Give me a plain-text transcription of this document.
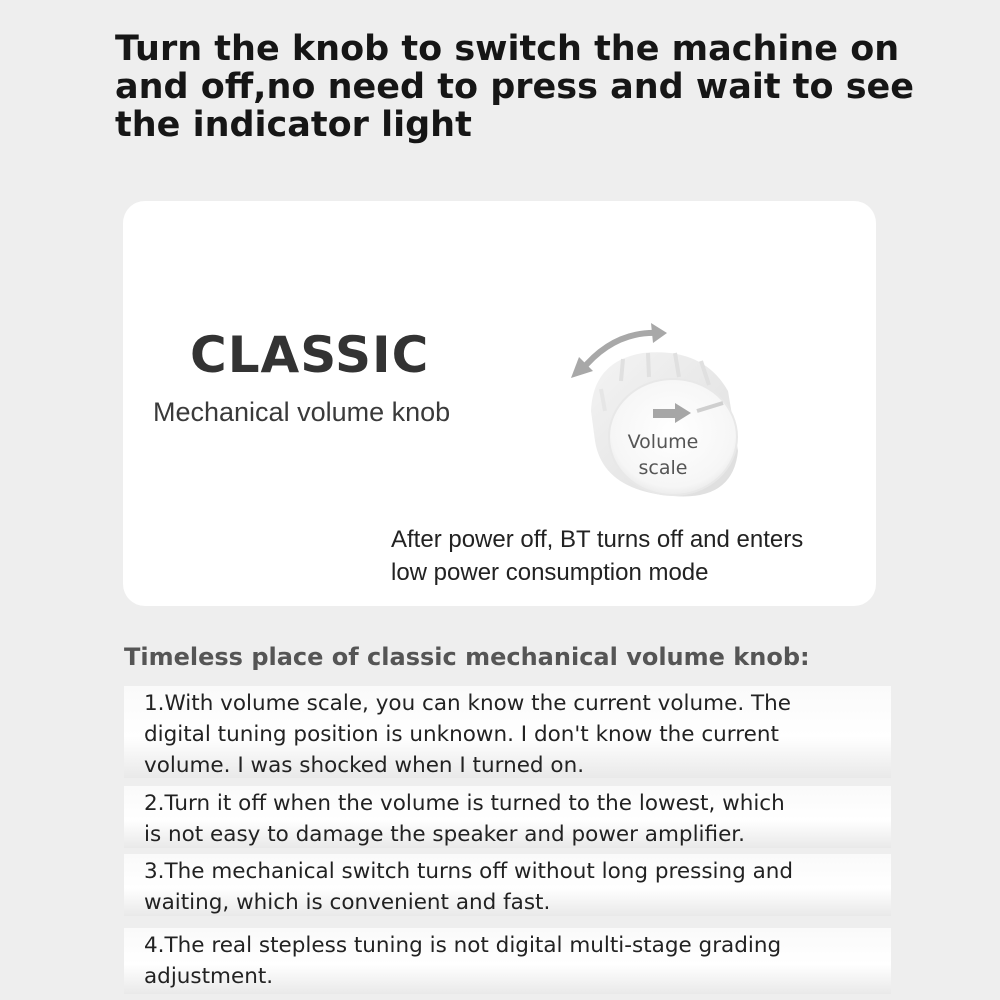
Turn the knob to switch the machine on
and off,no need to press and wait to see
the indicator light
CLASSIC
Mechanical volume knob
Volume
scale
After power off, BT turns off and enters
low power consumption mode
Timeless place of classic mechanical volume knob:
1.With volume scale, you can know the current volume. The
digital tuning position is unknown. I don't know the current
volume. I was shocked when I turned on.
2.Turn it off when the volume is turned to the lowest, which
is not easy to damage the speaker and power amplifier.
3.The mechanical switch turns off without long pressing and
waiting, which is convenient and fast.
4.The real stepless tuning is not digital multi-stage grading
adjustment.
